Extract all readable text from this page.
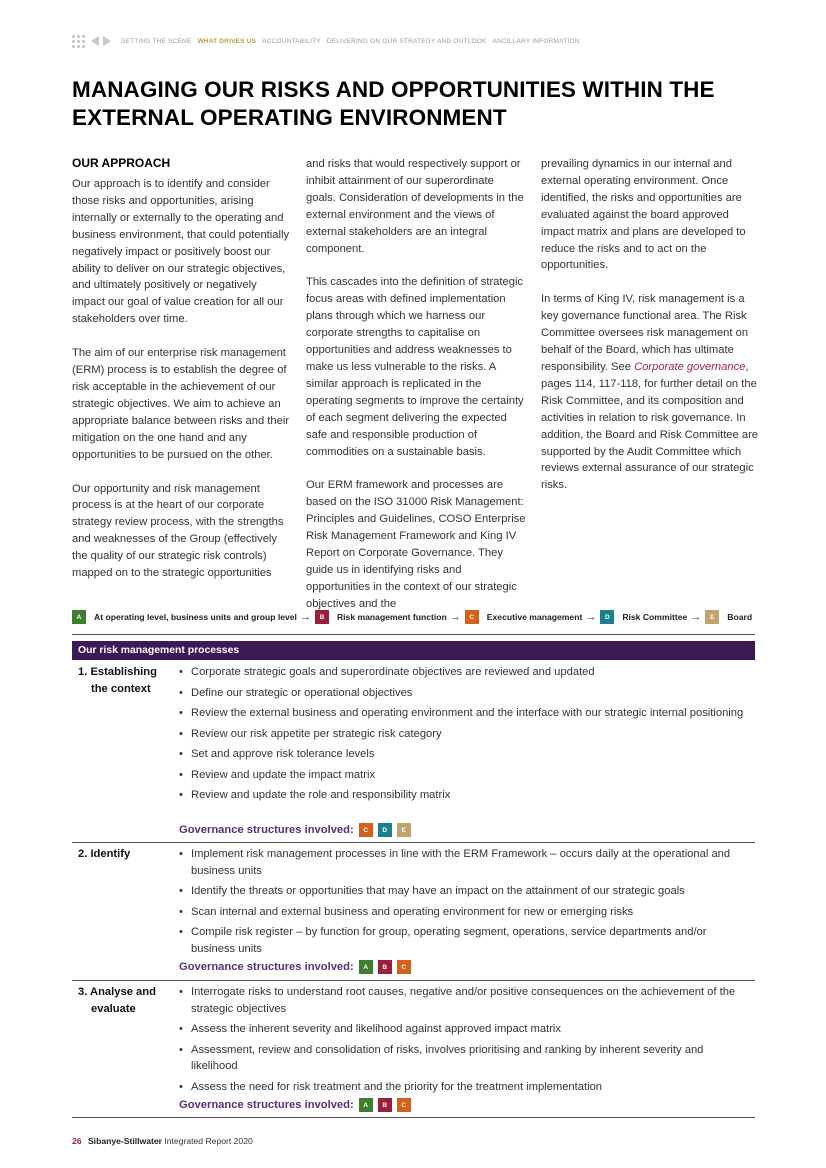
SETTING THE SCENE WHAT DRIVES US ACCOUNTABILITY DELIVERING ON OUR STRATEGY AND OUTLOOK ANCILLARY INFORMATION
MANAGING OUR RISKS AND OPPORTUNITIES WITHIN THE EXTERNAL OPERATING ENVIRONMENT
OUR APPROACH

Our approach is to identify and consider those risks and opportunities, arising internally or externally to the operating and business environment, that could potentially negatively impact or positively boost our ability to deliver on our strategic objectives, and ultimately positively or negatively impact our goal of value creation for all our stakeholders over time.

The aim of our enterprise risk management (ERM) process is to establish the degree of risk acceptable in the achievement of our strategic objectives. We aim to achieve an appropriate balance between risks and their mitigation on the one hand and any opportunities to be pursued on the other.

Our opportunity and risk management process is at the heart of our corporate strategy review process, with the strengths and weaknesses of the Group (effectively the quality of our strategic risk controls) mapped on to the strategic opportunities

and risks that would respectively support or inhibit attainment of our superordinate goals. Consideration of developments in the external environment and the views of external stakeholders are an integral component.

This cascades into the definition of strategic focus areas with defined implementation plans through which we harness our corporate strengths to capitalise on opportunities and address weaknesses to make us less vulnerable to the risks. A similar approach is replicated in the operating segments to improve the certainty of each segment delivering the expected safe and responsible production of commodities on a sustainable basis.

Our ERM framework and processes are based on the ISO 31000 Risk Management: Principles and Guidelines, COSO Enterprise Risk Management Framework and King IV Report on Corporate Governance. They guide us in identifying risks and opportunities in the context of our strategic objectives and the

prevailing dynamics in our internal and external operating environment. Once identified, the risks and opportunities are evaluated against the board approved impact matrix and plans are developed to reduce the risks and to act on the opportunities.

In terms of King IV, risk management is a key governance functional area. The Risk Committee oversees risk management on behalf of the Board, which has ultimate responsibility. See Corporate governance, pages 114, 117-118, for further detail on the Risk Committee, and its composition and activities in relation to risk governance. In addition, the Board and Risk Committee are supported by the Audit Committee which reviews external assurance of our strategic risks.

A	At operating level, business units and group level →	B	Risk management function →	C	Executive management →	D	Risk Committee →	E	Board
Our risk management processes
1. Establishing
the context
• Corporate strategic goals and superordinate objectives are reviewed and updated
• Define our strategic or operational objectives
• Review the external business and operating environment and the interface with our strategic internal positioning
• Review our risk appetite per strategic risk category
• Set and approve risk tolerance levels
• Review and update the impact matrix
• Review and update the role and responsibility matrix
Governance structures involved:	C	D	E
2. Identify
•	Implement risk management processes in line with the ERM Framework – occurs daily at the operational and business units
• Identify the threats or opportunities that may have an impact on the attainment of our strategic goals
• Scan internal and external business and operating environment for new or emerging risks
• Compile risk register – by function for group, operating segment, operations, service departments and/or business units
Governance structures involved:	A	B	C
3. Analyse and
evaluate
• Interrogate risks to understand root causes, negative and/or positive consequences on the achievement of the strategic objectives
• Assess the inherent severity and likelihood against approved impact matrix
• Assessment, review and consolidation of risks, involves prioritising and ranking by inherent severity and likelihood
• Assess the need for risk treatment and the priority for the treatment implementation
Governance structures involved:	A	B	C
26 Sibanye-Stillwater Integrated Report 2020
